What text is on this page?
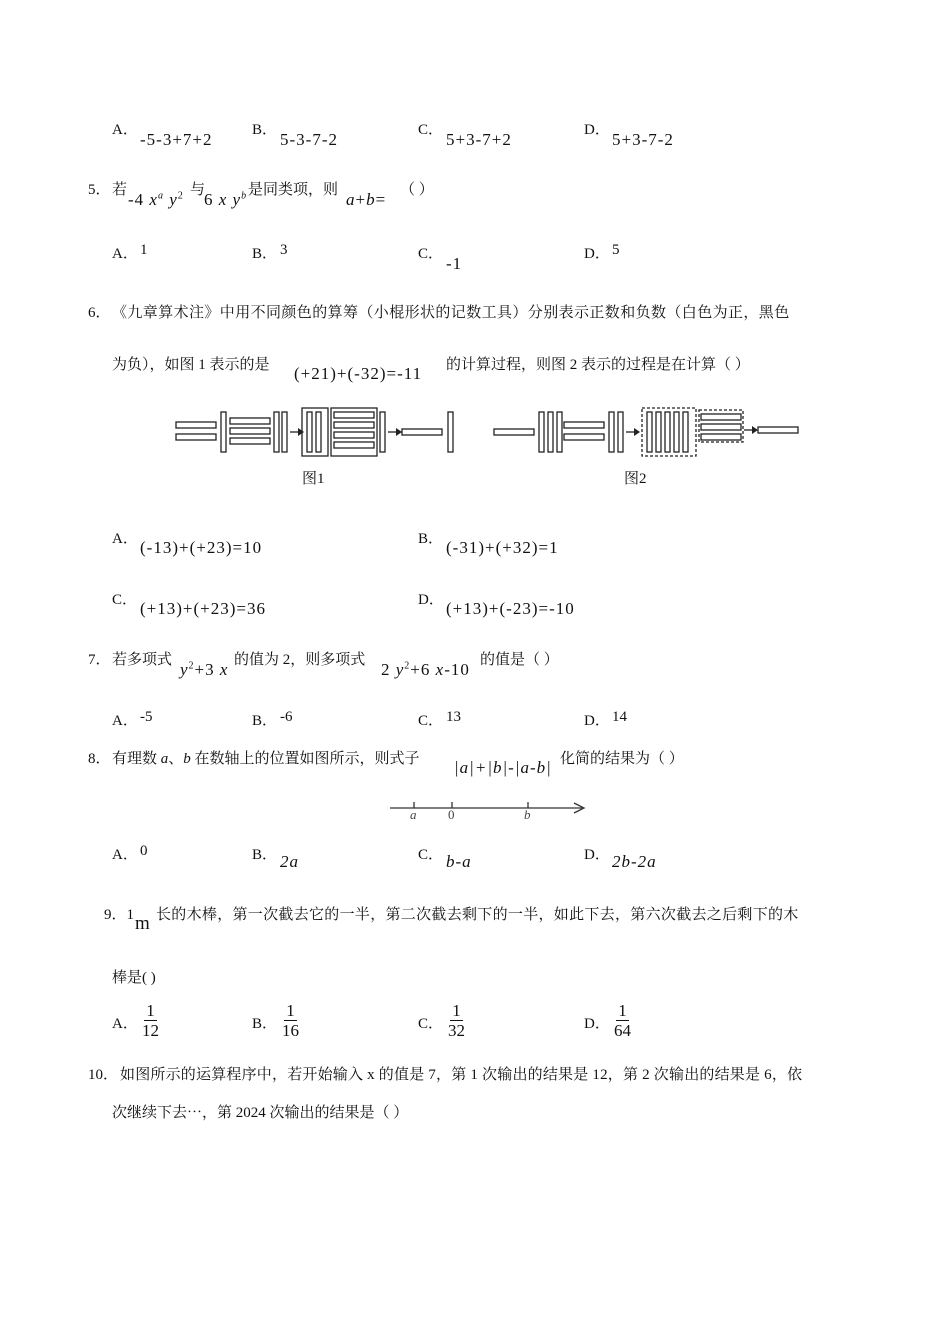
A． -5-3+7+2	B． 5-3-7-2	C． 5+3-7+2	D． 5+3-7-2
5． 若 -4 $x^a$ $y^2$ 与
6 x $y^b$ 是同类项，则 a+b= （ ）
A． 1	B． 3	C． -1	D． 5
6． 《九章算术注》中用不同颜色的算筹（小棍形状的记数工具）分别表示正数和负数（白色为正，黑色
为负），如图 1 表示的是 (+21)+(-32)=-11 的计算过程，则图 2 表示的过程是在计算（ ）
图1	图2
A． (-13)+(+23)=10	B． (-31)+(+32)=1
C． (+13)+(+23)=36	D． (+13)+(-23)=-10
7． 若多项式 $y^2+3$ x 的值为 2，则多项式 2 $y^2+6$ x-10 的值是（ ）
A． -5	B． -6	C． 13	D． 14
8． 有理数 a、b 在数轴上的位置如图所示，则式子 |a|+|b|-|a-b| 化简的结果为（ ）
a 0	b
A． 0	B． 2a	C． b-a	D． 2b-2a
9．1 m 长的木棒，第一次截去它的一半，第二次截去剩下的一半，如此下去，第六次截去之后剩下的木
棒是( )
A． $\frac{1}{12}$	B． $\frac{1}{16}$	C． $\frac{1}{32}$	D． $\frac{1}{64}$
10． 如图所示的运算程序中，若开始输入 x 的值是 7，第 1 次输出的结果是 12，第 2 次输出的结果是 6，依
次继续下去⋯，第 2024 次输出的结果是（ ）
